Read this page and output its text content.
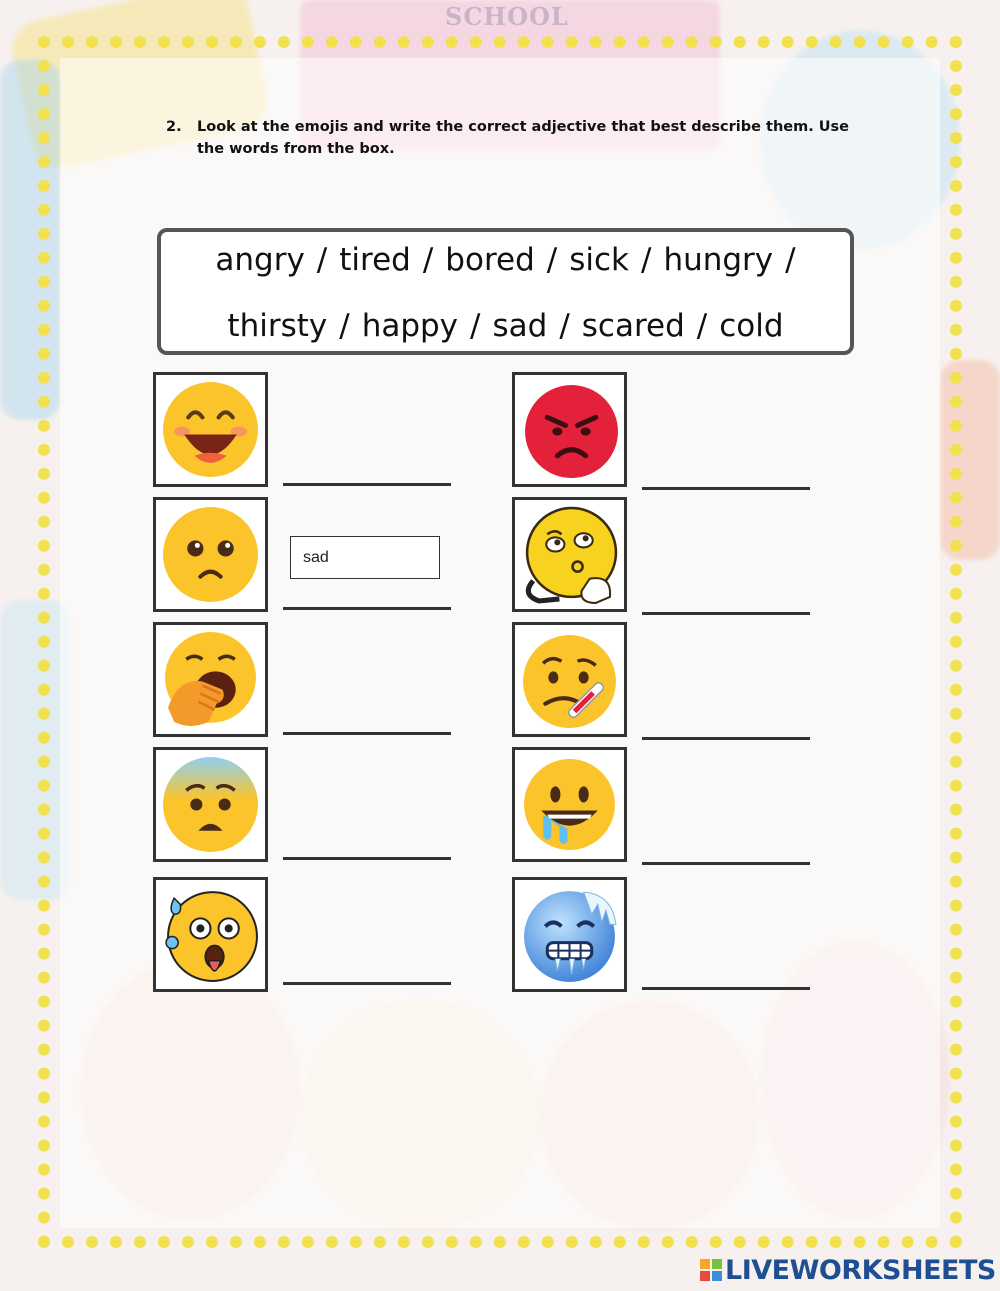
SCHOOL
2. Look at the emojis and write the correct adjective that best describe them. Use the words from the box.
angry / tired / bored / sick / hungry /
thirsty / happy / sad / scared / cold
sad
LIVEWORKSHEETS
